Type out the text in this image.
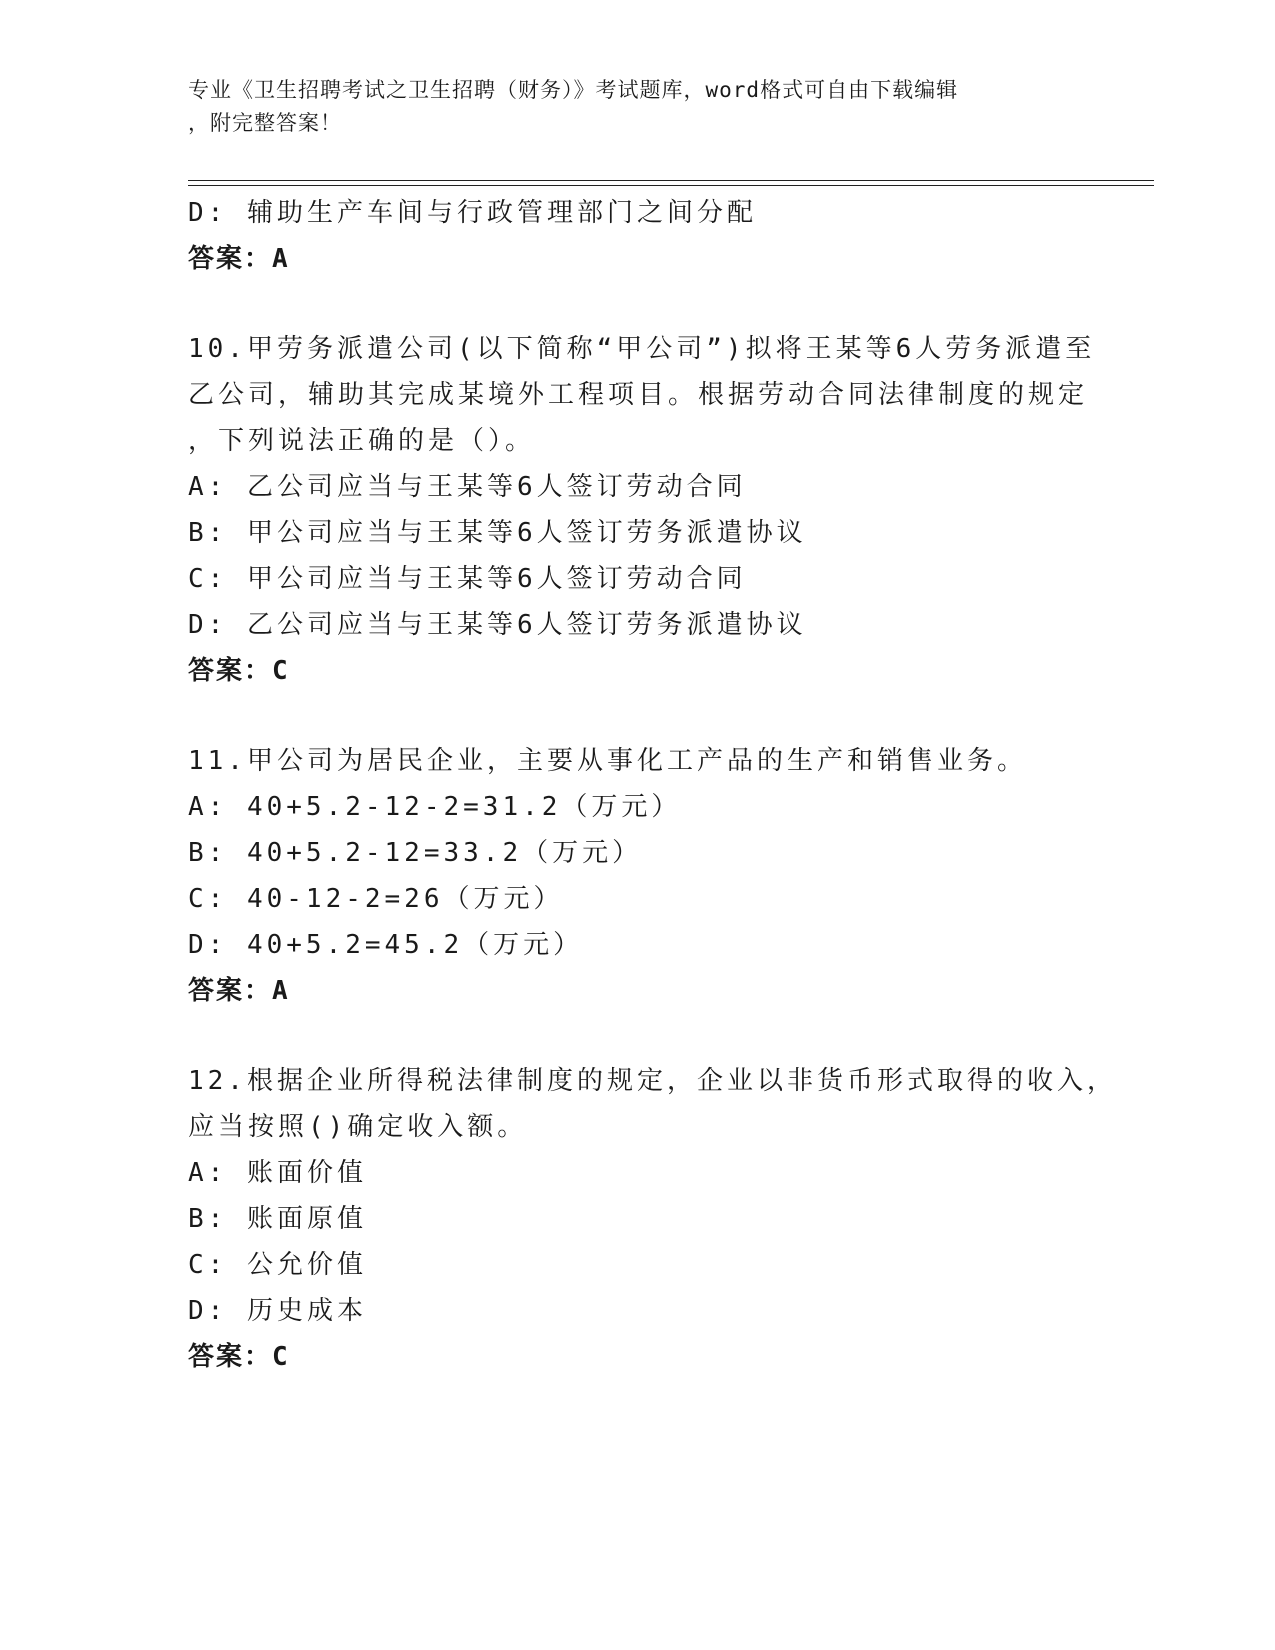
专业《卫生招聘考试之卫生招聘（财务）》考试题库，word格式可自由下载编辑
，附完整答案！
D: 辅助生产车间与行政管理部门之间分配
答案：A
10.甲劳务派遣公司(以下简称“甲公司”)拟将王某等6人劳务派遣至
乙公司，辅助其完成某境外工程项目。根据劳动合同法律制度的规定
，下列说法正确的是（）。
A: 乙公司应当与王某等6人签订劳动合同
B: 甲公司应当与王某等6人签订劳务派遣协议
C: 甲公司应当与王某等6人签订劳动合同
D: 乙公司应当与王某等6人签订劳务派遣协议
答案：C
11.甲公司为居民企业，主要从事化工产品的生产和销售业务。
A: 40+5.2-12-2=31.2（万元）
B: 40+5.2-12=33.2（万元）
C: 40-12-2=26（万元）
D: 40+5.2=45.2（万元）
答案：A
12.根据企业所得税法律制度的规定，企业以非货币形式取得的收入，
应当按照()确定收入额。
A: 账面价值
B: 账面原值
C: 公允价值
D: 历史成本
答案：C
